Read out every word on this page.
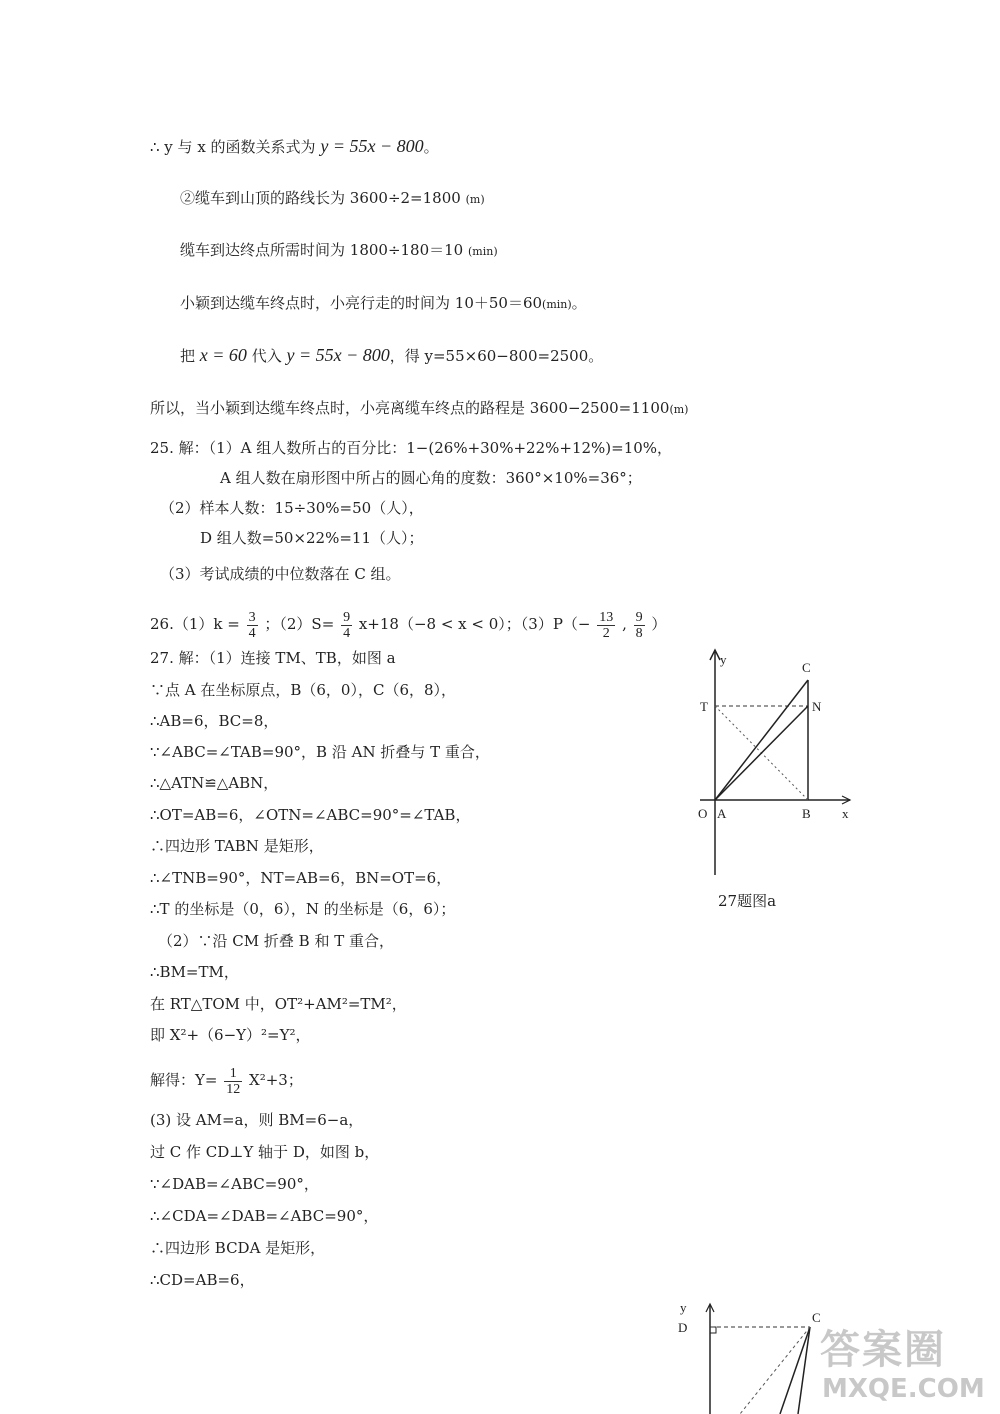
∴ y 与 x 的函数关系式为 y = 55x − 800。
②缆车到山顶的路线长为 3600÷2=1800 (m)
缆车到达终点所需时间为 1800÷180＝10 (min)
小颖到达缆车终点时，小亮行走的时间为 10＋50＝60(min)。
把 x = 60 代入 y = 55x − 800，得 y=55×60−800=2500。
所以，当小颖到达缆车终点时，小亮离缆车终点的路程是 3600−2500=1100(m)
25. 解：（1）A 组人数所占的百分比：1−(26%+30%+22%+12%)=10%，
A 组人数在扇形图中所占的圆心角的度数：360°×10%=36°；
（2）样本人数：15÷30%=50（人），
D 组人数=50×22%=11（人）；
（3）考试成绩的中位数落在 C 组。
$26.(1)k = \frac{3}{4}$ ；$(2)S= \frac{9}{4} x+18(-8 < x < 0)$；$(3)P(- \frac{13}{2}$ , $\frac{9}{8}$ ）
27. 解：（1）连接 TM、TB，如图 a
∵点 A 在坐标原点，B（6，0），C（6，8），
∴AB=6，BC=8，
∵∠ABC=∠TAB=90°，B 沿 AN 折叠与 T 重合，
∴△ATN≌△ABN，
∴OT=AB=6，∠OTN=∠ABC=90°=∠TAB，
∴四边形 TABN 是矩形，
∴∠TNB=90°，NT=AB=6，BN=OT=6，
∴T 的坐标是（0，6），N 的坐标是（6，6）；
（2）∵沿 CM 折叠 B 和 T 重合，
∴BM=TM，
在 RT△TOM 中，OT²+AM²=TM²，
即 X²+（6−Y）²=Y²，
解得：$Y= \frac{1}{12} X^2+3$；
(3) 设 AM=a，则 BM=6−a，
过 C 作 CD⊥Y 轴于 D，如图 b，
∵∠DAB=∠ABC=90°，
∴∠CDA=∠DAB=∠ABC=90°，
∴四边形 BCDA 是矩形，
∴CD=AB=6，
y
x
C
T	N
O A	B
27题图a
y
D
C
答案圈
MXQE.COM
